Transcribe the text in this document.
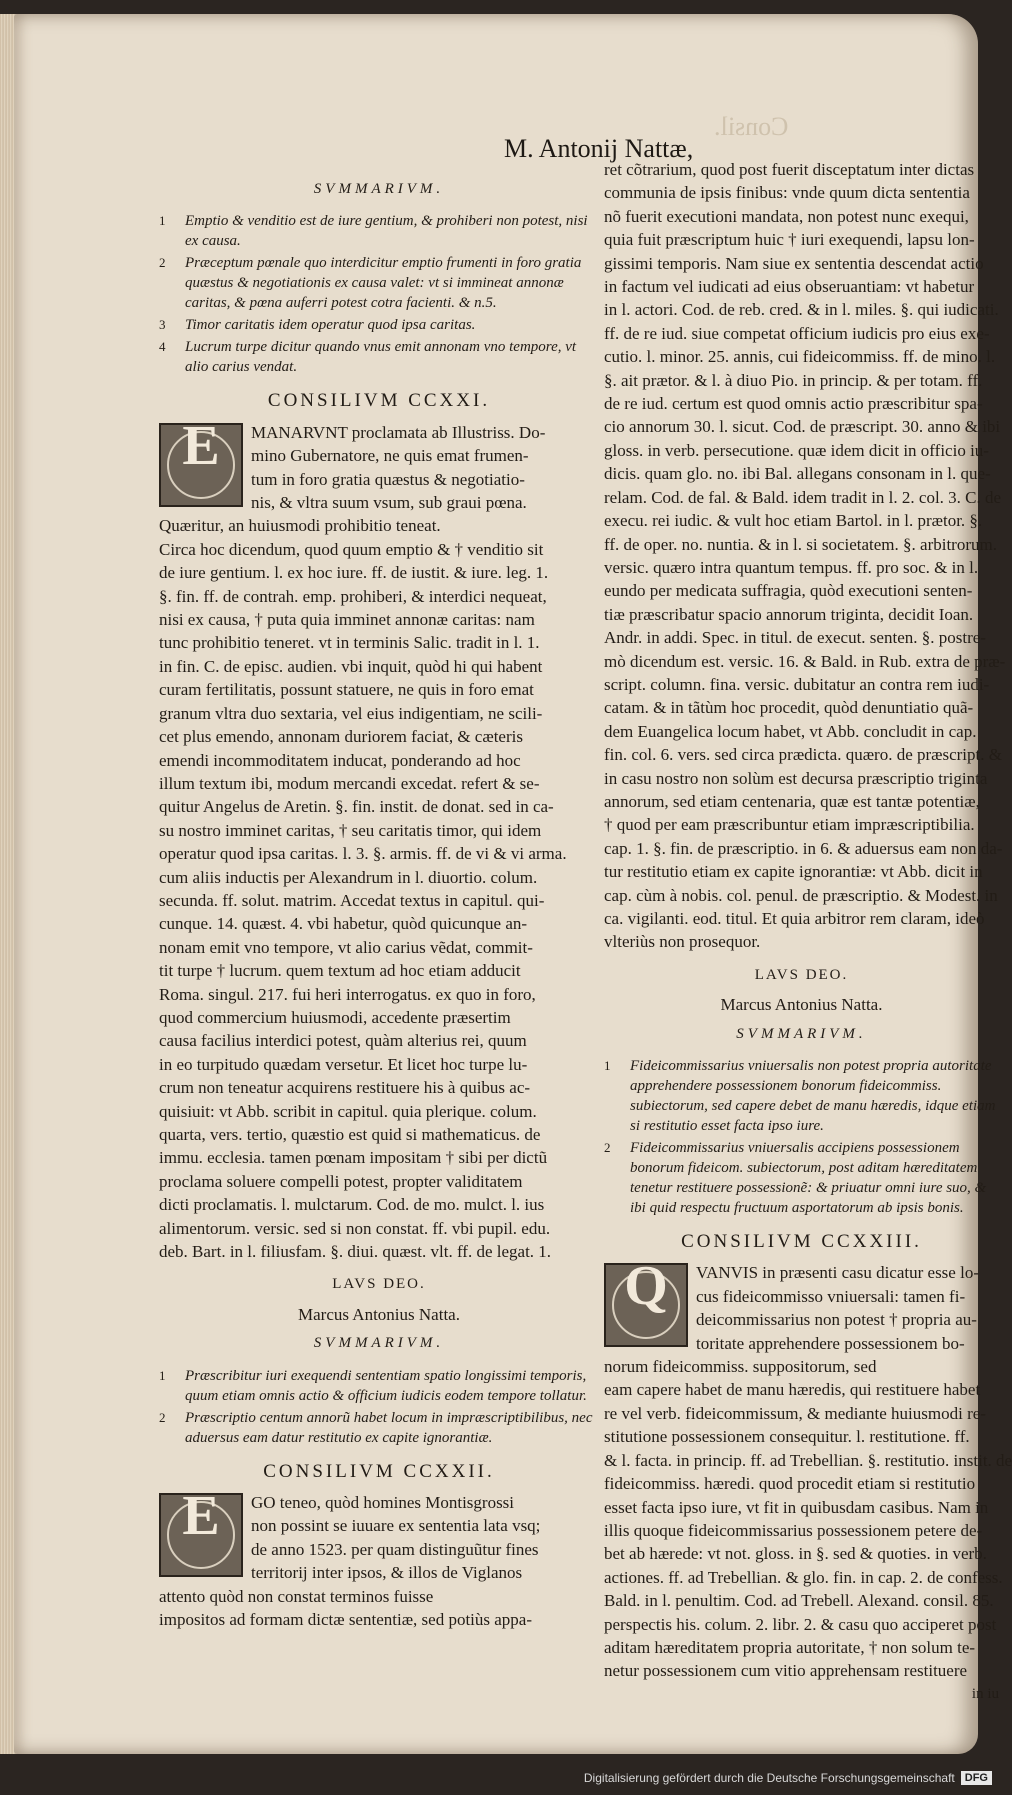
Consil.
M. Antonij Nattæ,
SVMMARIVM.
1 Emptio & venditio est de iure gentium, & prohiberi non potest, nisi ex causa.
2 Præceptum pœnale quo interdicitur emptio frumenti in foro gratia quæstus & negotiationis ex causa valet: vt si immineat annonæ caritas, & pœna auferri potest cotra facienti. & n.5.
3 Timor caritatis idem operatur quod ipsa caritas.
4 Lucrum turpe dicitur quando vnus emit annonam vno tempore, vt alio carius vendat.
CONSILIVM CCXXI.
E	MANARVNT proclamata ab Illustriss. Do-
mino Gubernatore, ne quis emat frumen-
tum in foro gratia quæstus & negotiatio-
nis, & vltra suum vsum, sub graui pœna.
Quæritur, an huiusmodi prohibitio teneat.
Circa hoc dicendum, quod quum emptio & † venditio sit
de iure gentium. l. ex hoc iure. ff. de iustit. & iure. leg. 1.
§. fin. ff. de contrah. emp. prohiberi, & interdici nequeat,
nisi ex causa, † puta quia imminet annonæ caritas: nam
tunc prohibitio teneret. vt in terminis Salic. tradit in l. 1.
in fin. C. de episc. audien. vbi inquit, quòd hi qui habent
curam fertilitatis, possunt statuere, ne quis in foro emat
granum vltra duo sextaria, vel eius indigentiam, ne scili-
cet plus emendo, annonam duriorem faciat, & cæteris
emendi incommoditatem inducat, ponderando ad hoc
illum textum ibi, modum mercandi excedat. refert & se-
quitur Angelus de Aretin. §. fin. instit. de donat. sed in ca-
su nostro imminet caritas, † seu caritatis timor, qui idem
operatur quod ipsa caritas. l. 3. §. armis. ff. de vi & vi arma.
cum aliis inductis per Alexandrum in l. diuortio. colum.
secunda. ff. solut. matrim. Accedat textus in capitul. qui-
cunque. 14. quæst. 4. vbi habetur, quòd quicunque an-
nonam emit vno tempore, vt alio carius vẽdat, commit-
tit turpe † lucrum. quem textum ad hoc etiam adducit
Roma. singul. 217. fui heri interrogatus. ex quo in foro,
quod commercium huiusmodi, accedente præsertim
causa facilius interdici potest, quàm alterius rei, quum
in eo turpitudo quædam versetur. Et licet hoc turpe lu-
crum non teneatur acquirens restituere his à quibus ac-
quisiuit: vt Abb. scribit in capitul. quia plerique. colum.
quarta, vers. tertio, quæstio est quid si mathematicus. de
immu. ecclesia. tamen pœnam impositam † sibi per dictũ
proclama soluere compelli potest, propter validitatem
dicti proclamatis. l. mulctarum. Cod. de mo. mulct. l. ius
alimentorum. versic. sed si non constat. ff. vbi pupil. edu.
deb. Bart. in l. filiusfam. §. diui. quæst. vlt. ff. de legat. 1.
LAVS DEO.
Marcus Antonius Natta.
SVMMARIVM.
1 Præscribitur iuri exequendi sententiam spatio longissimi temporis, quum etiam omnis actio & officium iudicis eodem tempore tollatur.
2 Præscriptio centum annorũ habet locum in impræscriptibilibus, nec aduersus eam datur restitutio ex capite ignorantiæ.
CONSILIVM CCXXII.
E	GO teneo, quòd homines Montisgrossi
non possint se iuuare ex sententia lata vsq;
de anno 1523. per quam distinguũtur fines
territorij inter ipsos, & illos de Viglanos
attento quòd non constat terminos fuisse
impositos ad formam dictæ sententiæ, sed potiùs appa-
ret cõtrarium, quod post fuerit disceptatum inter dictas
communia de ipsis finibus: vnde quum dicta sententia
nõ fuerit executioni mandata, non potest nunc exequi,
quia fuit præscriptum huic † iuri exequendi, lapsu lon-
gissimi temporis. Nam siue ex sententia descendat actio
in factum vel iudicati ad eius obseruantiam: vt habetur
in l. actori. Cod. de reb. cred. & in l. miles. §. qui iudicati.
ff. de re iud. siue competat officium iudicis pro eius exe-
cutio. l. minor. 25. annis, cui fideicommiss. ff. de mino. l.
§. ait prætor. & l. à diuo Pio. in princip. & per totam. ff.
de re iud. certum est quod omnis actio præscribitur spa-
cio annorum 30. l. sicut. Cod. de præscript. 30. anno & ibi
gloss. in verb. persecutione. quæ idem dicit in officio iu-
dicis. quam glo. no. ibi Bal. allegans consonam in l. que-
relam. Cod. de fal. & Bald. idem tradit in l. 2. col. 3. C. de
execu. rei iudic. & vult hoc etiam Bartol. in l. prætor. §.
ff. de oper. no. nuntia. & in l. si societatem. §. arbitrorum.
versic. quæro intra quantum tempus. ff. pro soc. & in l.
eundo per medicata suffragia, quòd executioni senten-
tiæ præscribatur spacio annorum triginta, decidit Ioan.
Andr. in addi. Spec. in titul. de execut. senten. §. postre-
mò dicendum est. versic. 16. & Bald. in Rub. extra de præ-
script. column. fina. versic. dubitatur an contra rem iudi-
catam. & in tãtùm hoc procedit, quòd denuntiatio quã-
dem Euangelica locum habet, vt Abb. concludit in cap.
fin. col. 6. vers. sed circa prædicta. quæro. de præscript. &
in casu nostro non solùm est decursa præscriptio triginta
annorum, sed etiam centenaria, quæ est tantæ potentiæ,
† quod per eam præscribuntur etiam impræscriptibilia.
cap. 1. §. fin. de præscriptio. in 6. & aduersus eam non da-
tur restitutio etiam ex capite ignorantiæ: vt Abb. dicit in
cap. cùm à nobis. col. penul. de præscriptio. & Modest. in
ca. vigilanti. eod. titul. Et quia arbitror rem claram, ideò
vlteriùs non prosequor.
LAVS DEO.
Marcus Antonius Natta.
SVMMARIVM.
1 Fideicommissarius vniuersalis non potest propria autoritate apprehendere possessionem bonorum fideicommiss. subiectorum, sed capere debet de manu hæredis, idque etiam si restitutio esset facta ipso iure.
2 Fideicommissarius vniuersalis accipiens possessionem bonorum fideicom. subiectorum, post aditam hæreditatem tenetur restituere possessionẽ: & priuatur omni iure suo, & ibi quid respectu fructuum asportatorum ab ipsis bonis.
CONSILIVM CCXXIII.
Q	VANVIS in præsenti casu dicatur esse lo-
cus fideicommisso vniuersali: tamen fi-
deicommissarius non potest † propria au-
toritate apprehendere possessionem bo-
norum fideicommiss. suppositorum, sed
eam capere habet de manu hæredis, qui restituere habet
re vel verb. fideicommissum, & mediante huiusmodi re-
stitutione possessionem consequitur. l. restitutione. ff.
& l. facta. in princip. ff. ad Trebellian. §. restitutio. instit. de
fideicommiss. hæredi. quod procedit etiam si restitutio
esset facta ipso iure, vt fit in quibusdam casibus. Nam in
illis quoque fideicommissarius possessionem petere de-
bet ab hærede: vt not. gloss. in §. sed & quoties. in verb.
actiones. ff. ad Trebellian. & glo. fin. in cap. 2. de confess.
Bald. in l. penultim. Cod. ad Trebell. Alexand. consil. 85.
perspectis his. colum. 2. libr. 2. & casu quo acciperet post
aditam hæreditatem propria autoritate, † non solum te-
netur possessionem cum vitio apprehensam restituere
in iu
Digitalisierung gefördert durch die Deutsche Forschungsgemeinschaft DFG
